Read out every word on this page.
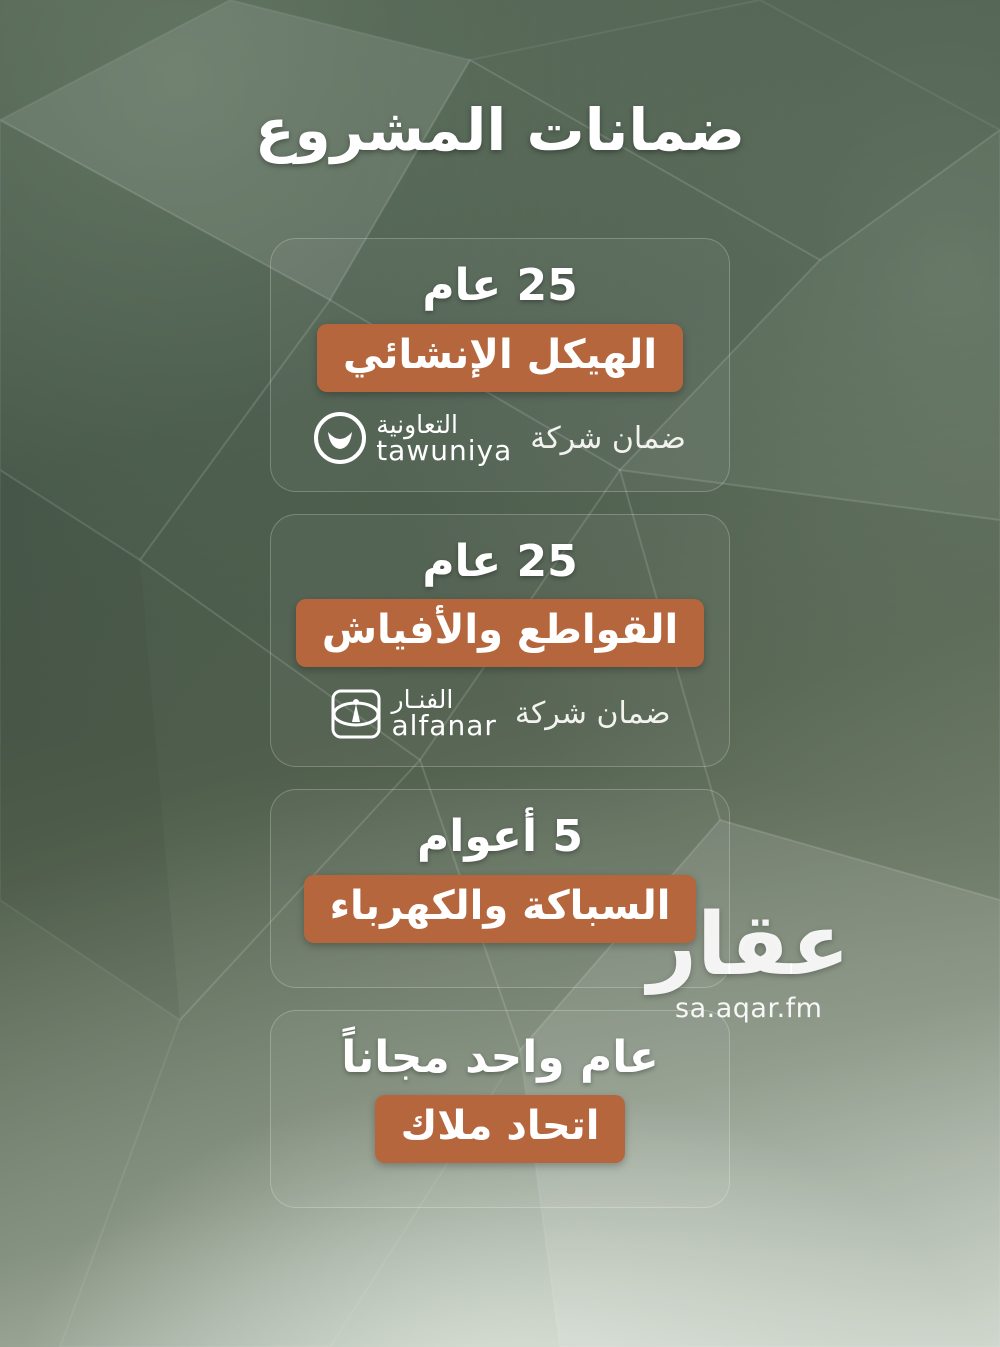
ضمانات المشروع
25 عام
الهيكل الإنشائي
ضمان شركة
التعاونية
tawuniya
25 عام
القواطع والأفياش
ضمان شركة
الفنـار
alfanar
5 أعوام
السباكة والكهرباء
عام واحد مجاناً
اتحاد ملاك
عقار
sa.aqar.fm
